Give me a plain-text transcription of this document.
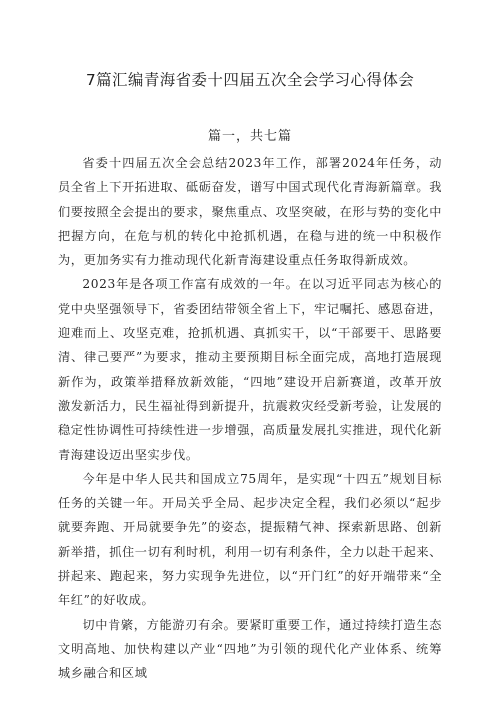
7篇汇编青海省委十四届五次全会学习心得体会
篇一，共七篇

省委十四届五次全会总结2023年工作，部署2024年任务，动员全省上下开拓进取、砥砺奋发，谱写中国式现代化青海新篇章。我们要按照全会提出的要求，聚焦重点、攻坚突破，在形与势的变化中把握方向，在危与机的转化中抢抓机遇，在稳与进的统一中积极作为，更加务实有力推动现代化新青海建设重点任务取得新成效。

2023年是各项工作富有成效的一年。在以习近平同志为核心的党中央坚强领导下，省委团结带领全省上下，牢记嘱托、感恩奋进，迎难而上、攻坚克难，抢抓机遇、真抓实干，以“干部要干、思路要清、律己要严”为要求，推动主要预期目标全面完成，高地打造展现新作为，政策举措释放新效能，“四地”建设开启新赛道，改革开放激发新活力，民生福祉得到新提升，抗震救灾经受新考验，让发展的稳定性协调性可持续性进一步增强，高质量发展扎实推进，现代化新青海建设迈出坚实步伐。

今年是中华人民共和国成立75周年，是实现“十四五”规划目标任务的关键一年。开局关乎全局、起步决定全程，我们必须以“起步就要奔跑、开局就要争先”的姿态，提振精气神、探索新思路、创新新举措，抓住一切有利时机，利用一切有利条件，全力以赴干起来、拼起来、跑起来，努力实现争先进位，以“开门红”的好开端带来“全年红”的好收成。

切中肯綮，方能游刃有余。要紧盯重要工作，通过持续打造生态文明高地、加快构建以产业“四地”为引领的现代化产业体系、统筹城乡融合和区域
